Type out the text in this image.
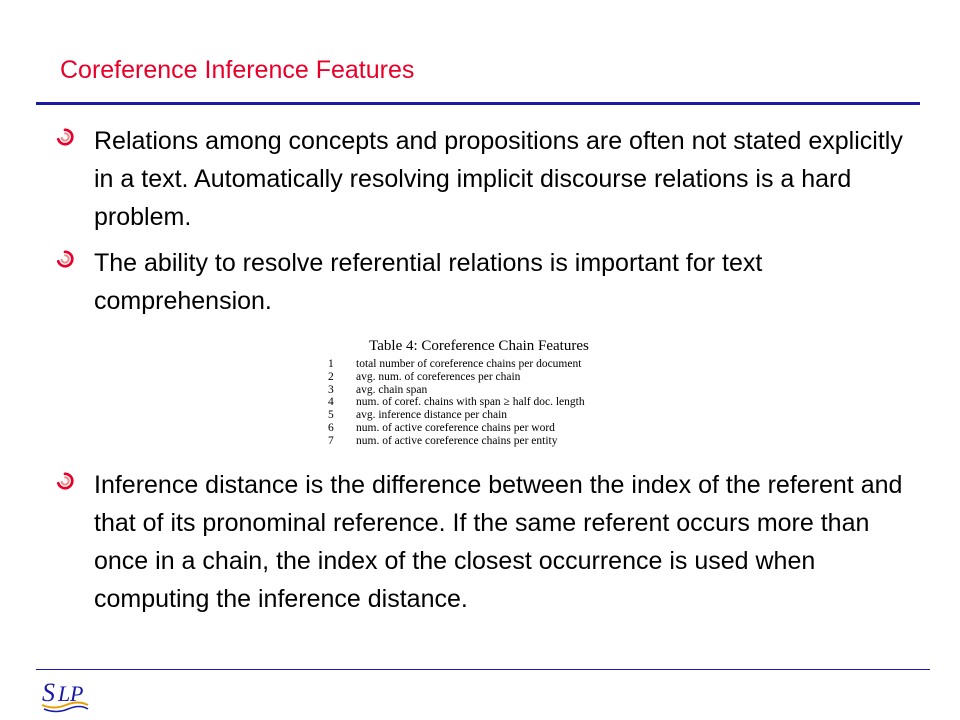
Coreference Inference Features
Relations among concepts and propositions are often not stated explicitly in a text. Automatically resolving implicit discourse relations is a hard problem.
The ability to resolve referential relations is important for text comprehension.
Table 4: Coreference Chain Features
1	total number of coreference chains per document
2	avg. num. of coreferences per chain
3	avg. chain span
4	num. of coref. chains with span ≥ half doc. length
5	avg. inference distance per chain
6	num. of active coreference chains per word
7	num. of active coreference chains per entity
Inference distance is the difference between the index of the referent and that of its pronominal reference. If the same referent occurs more than once in a chain, the index of the closest occurrence is used when computing the inference distance.
S L P
